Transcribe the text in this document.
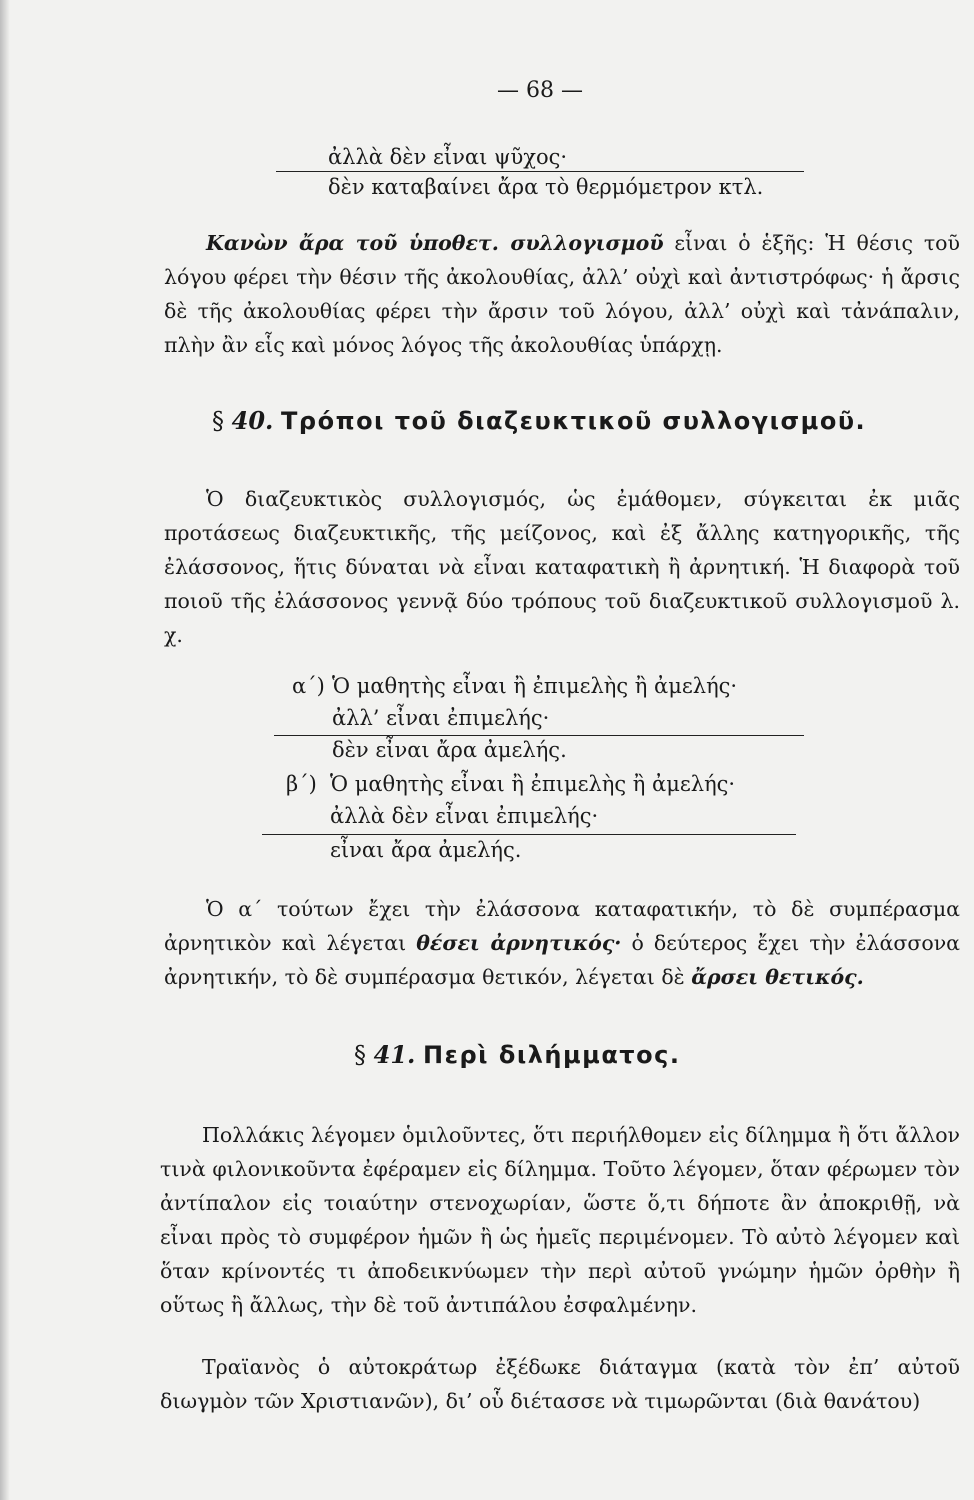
— 68 —
ἀλλὰ δὲν εἶναι ψῦχος·
δὲν καταβαίνει ἄρα τὸ θερμόμετρον κτλ.
Κανὼν ἄρα τοῦ ὑποθετ. συλλογισμοῦ εἶναι ὁ ἑξῆς: Ἡ θέσις τοῦ λόγου φέρει τὴν θέσιν τῆς ἀκολουθίας, ἀλλ’ οὐχὶ καὶ ἀντιστρόφως· ἡ ἄρσις δὲ τῆς ἀκολουθίας φέρει τὴν ἄρσιν τοῦ λόγου, ἀλλ’ οὐχὶ καὶ τἀνάπαλιν, πλὴν ἂν εἷς καὶ μόνος λόγος τῆς ἀκολουθίας ὑπάρχῃ.
§ 40. Τρόποι τοῦ διαζευκτικοῦ συλλογισμοῦ.
Ὁ διαζευκτικὸς συλλογισμός, ὡς ἐμάθομεν, σύγκειται ἐκ μιᾶς προτάσεως διαζευκτικῆς, τῆς μείζονος, καὶ ἐξ ἄλλης κατηγορικῆς, τῆς ἐλάσσονος, ἥτις δύναται νὰ εἶναι καταφατικὴ ἢ ἀρνητική. Ἡ διαφορὰ τοῦ ποιοῦ τῆς ἐλάσσονος γεννᾷ δύο τρόπους τοῦ διαζευκτικοῦ συλλογισμοῦ λ. χ.
α΄) Ὁ μαθητὴς εἶναι ἢ ἐπιμελὴς ἢ ἀμελής·
ἀλλ’ εἶναι ἐπιμελής·
δὲν εἶναι ἄρα ἀμελής.
β΄) Ὁ μαθητὴς εἶναι ἢ ἐπιμελὴς ἢ ἀμελής·
ἀλλὰ δὲν εἶναι ἐπιμελής·
εἶναι ἄρα ἀμελής.
Ὁ α΄ τούτων ἔχει τὴν ἐλάσσονα καταφατικήν, τὸ δὲ συμπέρασμα ἀρνητικὸν καὶ λέγεται θέσει ἀρνητικός· ὁ δεύτερος ἔχει τὴν ἐλάσσονα ἀρνητικήν, τὸ δὲ συμπέρασμα θετικόν, λέγεται δὲ ἄρσει θετικός.
§ 41. Περὶ διλήμματος.
Πολλάκις λέγομεν ὁμιλοῦντες, ὅτι περιήλθομεν εἰς δίλημμα ἢ ὅτι ἄλλον τινὰ φιλονικοῦντα ἐφέραμεν εἰς δίλημμα. Τοῦτο λέγομεν, ὅταν φέρωμεν τὸν ἀντίπαλον εἰς τοιαύτην στενοχωρίαν, ὥστε ὅ,τι δήποτε ἂν ἀποκριθῇ, νὰ εἶναι πρὸς τὸ συμφέρον ἡμῶν ἢ ὡς ἡμεῖς περιμένομεν. Τὸ αὐτὸ λέγομεν καὶ ὅταν κρίνοντές τι ἀποδεικνύωμεν τὴν περὶ αὐτοῦ γνώμην ἡμῶν ὀρθὴν ἢ οὕτως ἢ ἄλλως, τὴν δὲ τοῦ ἀντιπάλου ἐσφαλμένην.
Τραϊανὸς ὁ αὐτοκράτωρ ἐξέδωκε διάταγμα (κατὰ τὸν ἐπ’ αὐτοῦ διωγμὸν τῶν Χριστιανῶν), δι’ οὗ διέτασσε νὰ τιμωρῶνται (διὰ θανάτου)
